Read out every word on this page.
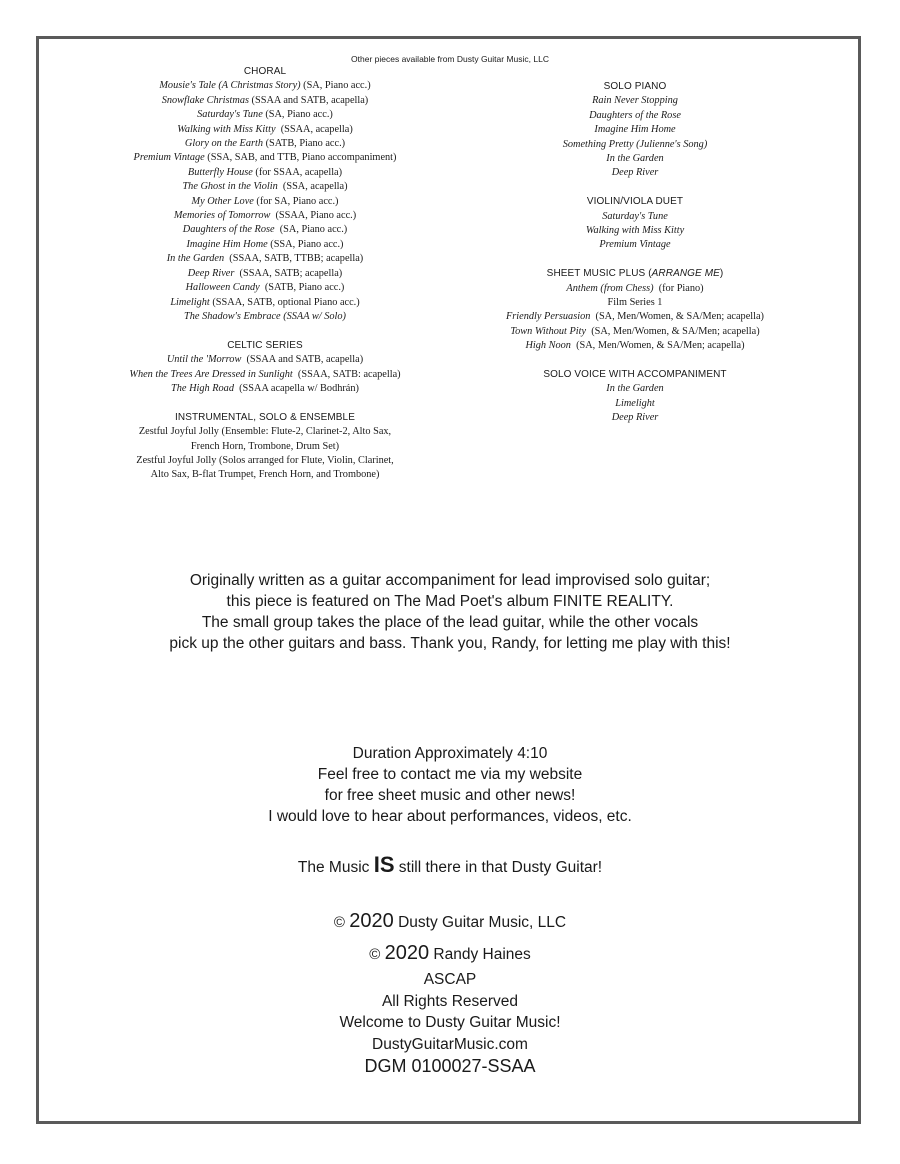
Other pieces available from Dusty Guitar Music, LLC
CHORAL
Mousie's Tale (A Christmas Story) (SA, Piano acc.)
Snowflake Christmas (SSAA and SATB, acapella)
Saturday's Tune (SA, Piano acc.)
Walking with Miss Kitty  (SSAA, acapella)
Glory on the Earth (SATB, Piano acc.)
Premium Vintage (SSA, SAB, and TTB, Piano accompaniment)
Butterfly House (for SSAA, acapella)
The Ghost in the Violin  (SSA, acapella)
My Other Love (for SA, Piano acc.)
Memories of Tomorrow  (SSAA, Piano acc.)
Daughters of the Rose  (SA, Piano acc.)
Imagine Him Home (SSA, Piano acc.)
In the Garden  (SSAA, SATB, TTBB; acapella)
Deep River  (SSAA, SATB; acapella)
Halloween Candy  (SATB, Piano acc.)
Limelight (SSAA, SATB, optional Piano acc.)
The Shadow's Embrace (SSAA w/ Solo)
CELTIC SERIES
Until the 'Morrow  (SSAA and SATB, acapella)
When the Trees Are Dressed in Sunlight  (SSAA, SATB: acapella)
The High Road  (SSAA acapella w/ Bodhrán)
INSTRUMENTAL, SOLO & ENSEMBLE
Zestful Joyful Jolly (Ensemble: Flute-2, Clarinet-2, Alto Sax,
French Horn, Trombone, Drum Set)
Zestful Joyful Jolly (Solos arranged for Flute, Violin, Clarinet,
Alto Sax, B-flat Trumpet, French Horn, and Trombone)
SOLO PIANO
Rain Never Stopping
Daughters of the Rose
Imagine Him Home
Something Pretty (Julienne's Song)
In the Garden
Deep River
VIOLIN/VIOLA DUET
Saturday's Tune
Walking with Miss Kitty
Premium Vintage
SHEET MUSIC PLUS (ARRANGE ME)
Anthem (from Chess)  (for Piano)
Film Series 1
Friendly Persuasion  (SA, Men/Women, & SA/Men; acapella)
Town Without Pity  (SA, Men/Women, & SA/Men; acapella)
High Noon  (SA, Men/Women, & SA/Men; acapella)
SOLO VOICE WITH ACCOMPANIMENT
In the Garden
Limelight
Deep River
Originally written as a guitar accompaniment for lead improvised solo guitar;
this piece is featured on The Mad Poet's album FINITE REALITY.
The small group takes the place of the lead guitar, while the other vocals
pick up the other guitars and bass. Thank you, Randy, for letting me play with this!
Duration Approximately 4:10
Feel free to contact me via my website
for free sheet music and other news!
I would love to hear about performances, videos, etc.
The Music IS still there in that Dusty Guitar!
© 2020 Dusty Guitar Music, LLC
© 2020 Randy Haines
ASCAP
All Rights Reserved
Welcome to Dusty Guitar Music!
DustyGuitarMusic.com
DGM 0100027-SSAA
